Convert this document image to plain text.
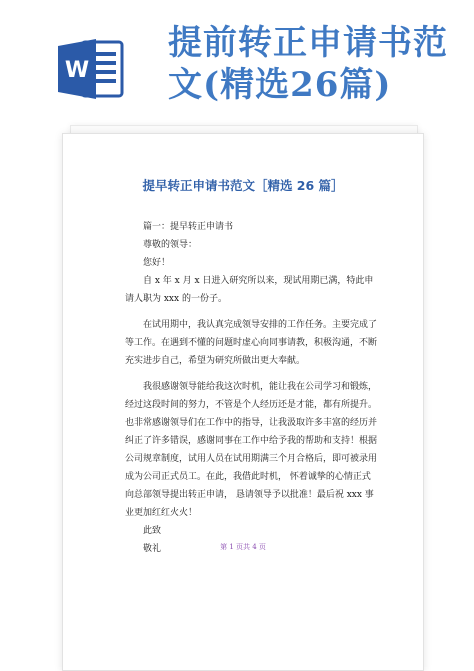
W
提前转正申请书范文(精选26篇)
提早转正申请书范文［精选 26 篇］

篇一：提早转正申请书

尊敬的领导：

您好！

自 x 年 x 月 x 日进入研究所以来，现试用期已满，特此申请人职为 xxx 的一份子。

在试用期中，我认真完成领导安排的工作任务。主要完成了等工作。在遇到不懂的问题时虚心向同事请教，积极沟通，不断充实进步自己，希望为研究所做出更大奉献。

我很感谢领导能给我这次时机，能让我在公司学习和锻炼，经过这段时间的努力，不管是个人经历还是才能，都有所提升。也非常感谢领导们在工作中的指导，让我汲取许多丰富的经历并纠正了许多错误，感谢同事在工作中给予我的帮助和支持！根据公司规章制度，试用人员在试用期满三个月合格后，即可被录用成为公司正式员工。在此，我借此时机， 怀着诚挚的心情正式向总部领导提出转正申请， 恳请领导予以批准！最后祝 xxx 事业更加红红火火！

此致

敬礼	第 1 页共 4 页
